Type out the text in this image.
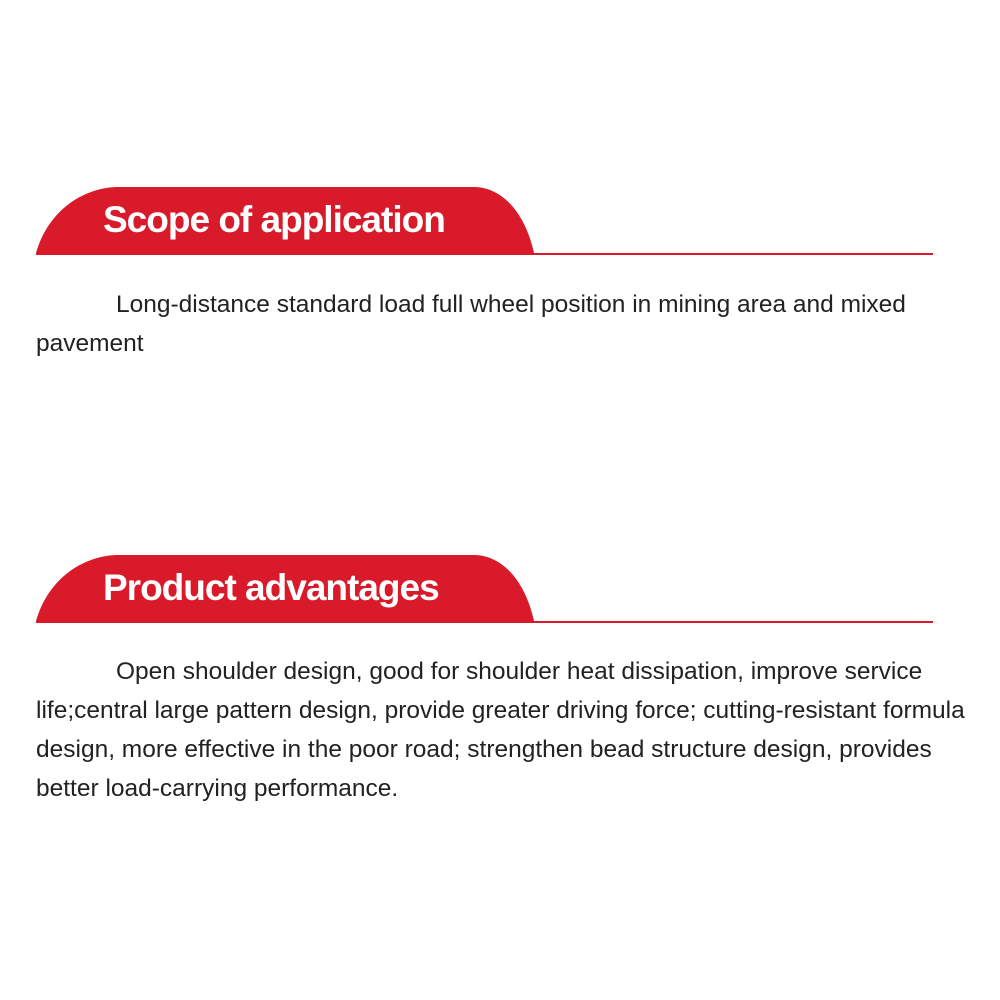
Scope of application

Long-distance standard load full wheel position in mining area and mixed pavement

Product advantages

Open shoulder design, good for shoulder heat dissipation, improve service life;central large pattern design, provide greater driving force; cutting-resistant formula design, more effective in the poor road; strengthen bead structure design, provides better load-carrying performance.
